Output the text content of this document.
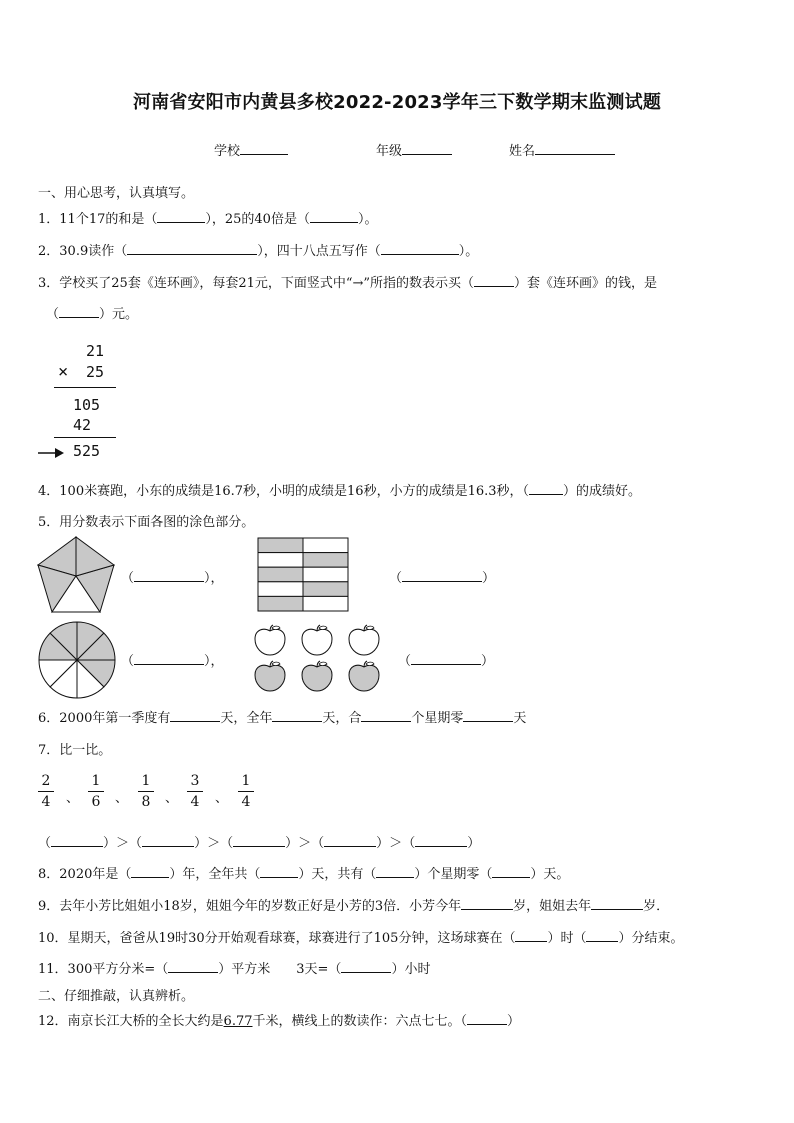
河南省安阳市内黄县多校2022-2023学年三下数学期末监测试题
学校	年级	姓名
一、用心思考，认真填写。
1．11个17的和是（	），25的40倍是（	）。
2．30.9读作（	），四十八点五写作（	）。
3．学校买了25套《连环画》，每套21元，下面竖式中“→”所指的数表示买（	）套《连环画》的钱，是
（	）元。
21
× 25
105
42
525
4．100米赛跑，小东的成绩是16.7秒，小明的成绩是16秒，小方的成绩是16.3秒，（	）的成绩好。
5．用分数表示下面各图的涂色部分。
（	），	（	）
（	），	（	）
6．2000年第一季度有	天，全年	天，合	个星期零	天
7．比一比。
2
4 、
1
6 、
1
8 、
3
4 、
1
4
（	）＞（	）＞（	）＞（	）＞（	）
8．2020年是（	）年，全年共（	）天，共有（	）个星期零（	）天。
9．去年小芳比姐姐小18岁，姐姐今年的岁数正好是小芳的3倍．小芳今年	岁，姐姐去年	岁．
10．星期天，爸爸从19时30分开始观看球赛，球赛进行了105分钟，这场球赛在（ ）时（ ）分结束。
11．300平方分米=（	）平方米 3天=（	）小时
二、仔细推敲，认真辨析。
12．南京长江大桥的全长大约是6.77千米，横线上的数读作：六点七七。（	）
